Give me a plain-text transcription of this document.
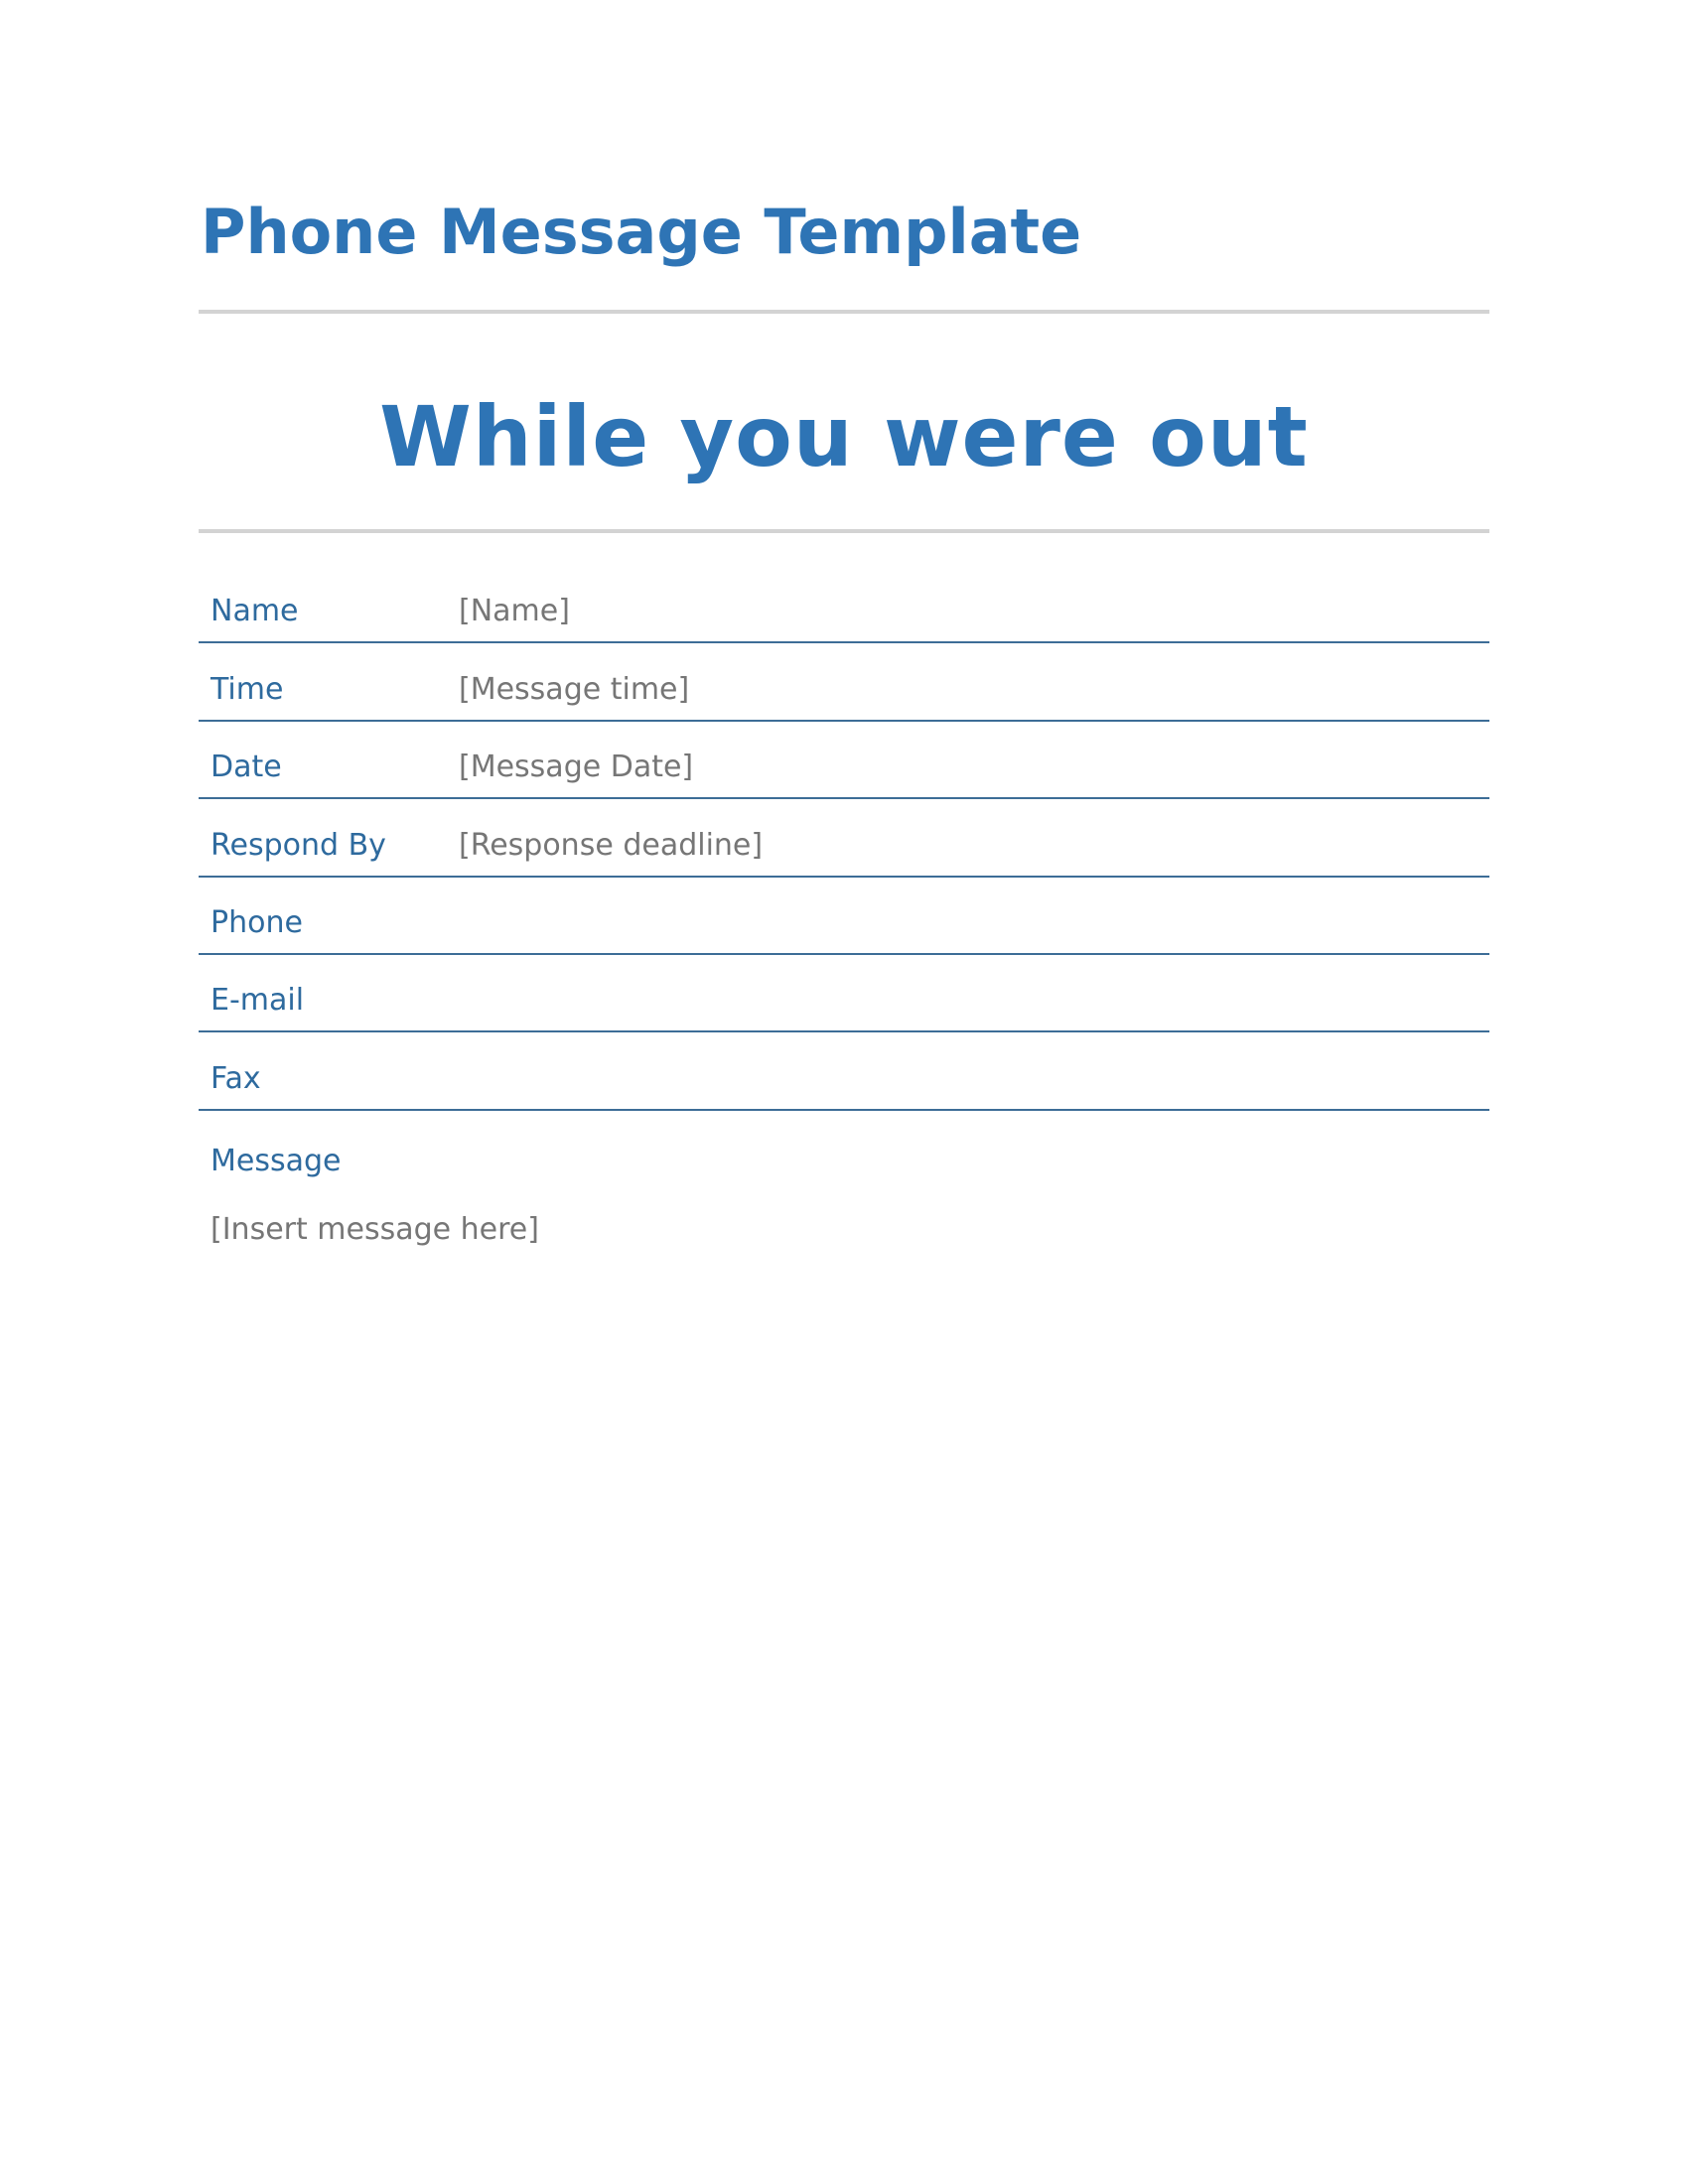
Phone Message Template
While you were out
Name	[Name]
Time	[Message time]
Date	[Message Date]
Respond By [Response deadline]
Phone
E-mail
Fax
Message
[Insert message here]
